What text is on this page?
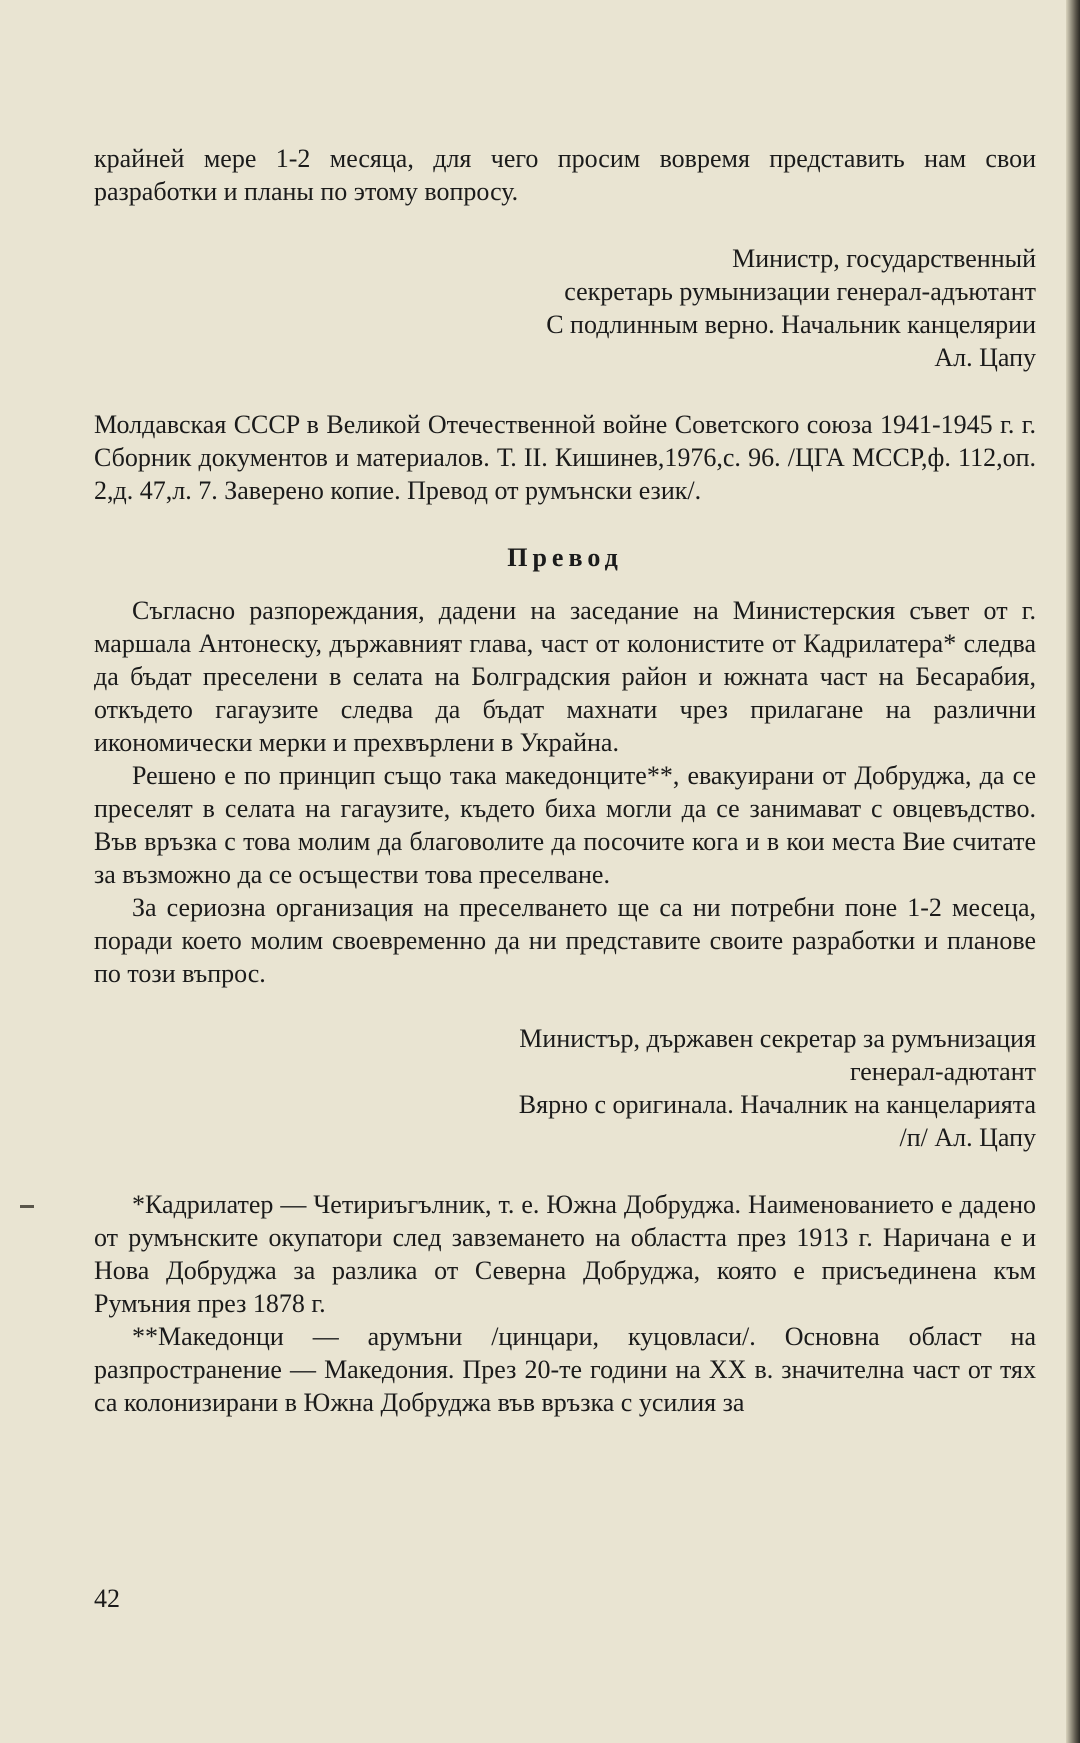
крайней мере 1-2 месяца, для чего просим вовремя представить нам свои разработки и планы по этому вопросу.

Министр, государственный

секретарь румынизации генерал-адъютант

С подлинным верно. Начальник канцелярии

Ал. Цапу

Молдавская ССCP в Великой Отечественной войне Советского союза 1941-1945 г. г. Сборник документов и материалов. Т. II. Кишинев,1976,с. 96. /ЦГА МССР,ф. 112,оп. 2,д. 47,л. 7. Заверено копие. Превод от румънски език/.

Превод

Съгласно разпореждания, дадени на заседание на Министерския съвет от г. маршала Антонеску, държавният глава, част от колонистите от Кадрилатера* следва да бъдат преселени в селата на Болградския район и южната част на Бесарабия, откъдето гагаузите следва да бъдат махнати чрез прилагане на различни икономически мерки и прехвърлени в Украйна.

Решено е по принцип също така македонците**, евакуирани от Добруджа, да се преселят в селата на гагаузите, където биха могли да се занимават с овцевъдство. Във връзка с това молим да благоволите да посочите кога и в кои места Вие считате за възможно да се осъществи това преселване.

За сериозна организация на преселването ще са ни потребни поне 1-2 месеца, поради което молим своевременно да ни представите своите разработки и планове по този въпрос.

Министър, държавен секретар за румънизация

генерал-адютант

Вярно с оригинала. Началник на канцеларията

/п/ Ал. Цапу

*Кадрилатер — Четириъгълник, т. е. Южна Добруджа. Наименованието е дадено от румънските окупатори след завземането на областта през 1913 г. Наричана е и Нова Добруджа за разлика от Северна Добруджа, която е присъединена към Румъния през 1878 г.

**Македонци — арумъни /цинцари, куцовласи/. Основна област на разпространение — Македония. През 20-те години на XX в. значителна част от тях са колонизирани в Южна Добруджа във връзка с усилия за

42
